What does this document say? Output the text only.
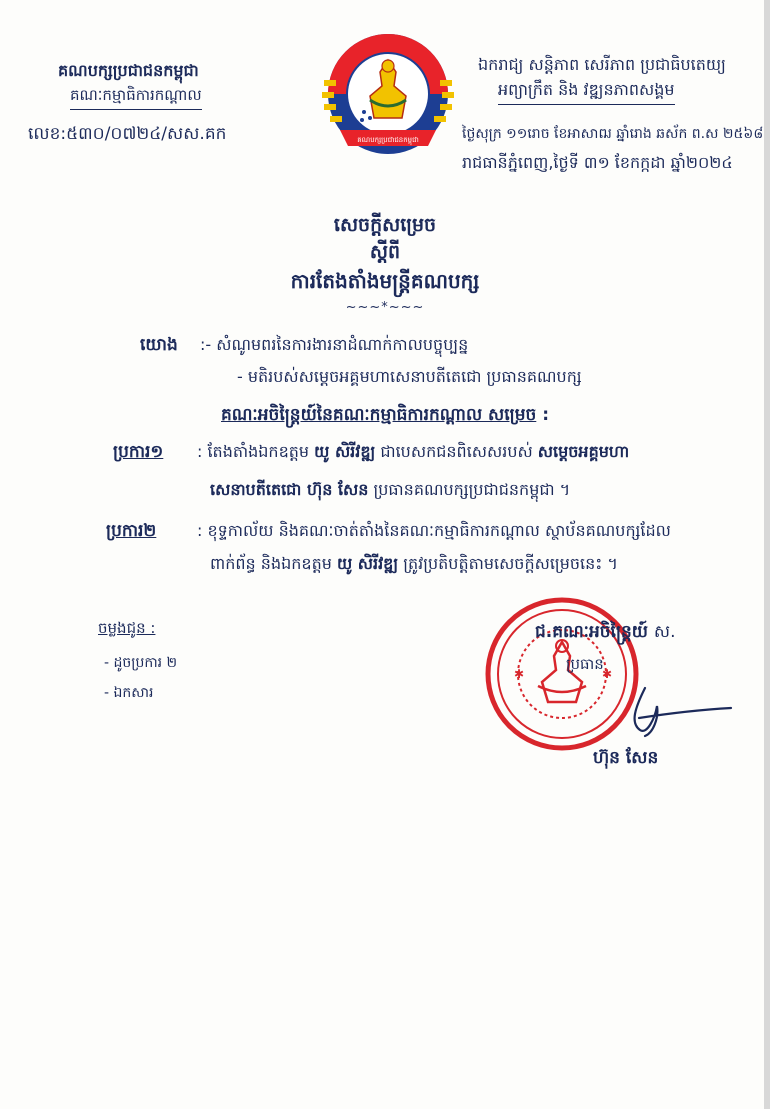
គណបក្សប្រជាជនកម្ពុជា
គណៈកម្មាធិការកណ្តាល
លេខ:៥៣០/០៧២៤/សស.គក	គណបក្សប្រជាជនកម្ពុជា
ឯករាជ្យ សន្តិភាព សេរីភាព ប្រជាធិបតេយ្យ
អព្យាក្រឹត និង វឌ្ឍនភាពសង្គម
ថ្ងៃសុក្រ ១១រោច ខែអាសាឍ ឆ្នាំរោង ឆស័ក ព.ស ២៥៦៨
រាជធានីភ្នំពេញ,ថ្ងៃទី ៣១ ខែកក្កដា ឆ្នាំ២០២៤
សេចក្តីសម្រេច
ស្តីពី
ការតែងតាំងមន្រ្តីគណបក្ស
~~~*~~~
យោង :- សំណូមពរនៃការងារនាដំណាក់កាលបច្ចុប្បន្ន
- មតិរបស់សម្តេចអគ្គមហាសេនាបតីតេជោ ប្រធានគណបក្ស
គណៈអចិន្ត្រៃយ៍នៃគណៈកម្មាធិការកណ្តាល សម្រេច :
ប្រការ១ : តែងតាំងឯកឧត្តម យូ សិរីវឌ្ឍ ជាបេសកជនពិសេសរបស់ សម្តេចអគ្គមហា
សេនាបតីតេជោ ហ៊ុន សែន ប្រធានគណបក្សប្រជាជនកម្ពុជា ។
ប្រការ២	: ខុទ្ទកាល័យ និងគណៈចាត់តាំងនៃគណៈកម្មាធិការកណ្តាល ស្ថាប័នគណបក្សដែល
ពាក់ព័ន្ធ និងឯកឧត្តម យូ សិរីវឌ្ឍ ត្រូវប្រតិបត្តិតាមសេចក្តីសម្រេចនេះ ។
ចម្លងជូន :
- ដូចប្រការ ២
- ឯកសារ
✱	✱
ជ.គណៈអចិន្ត្រៃយ៍ ស.
ប្រធាន
ហ៊ុន សែន
